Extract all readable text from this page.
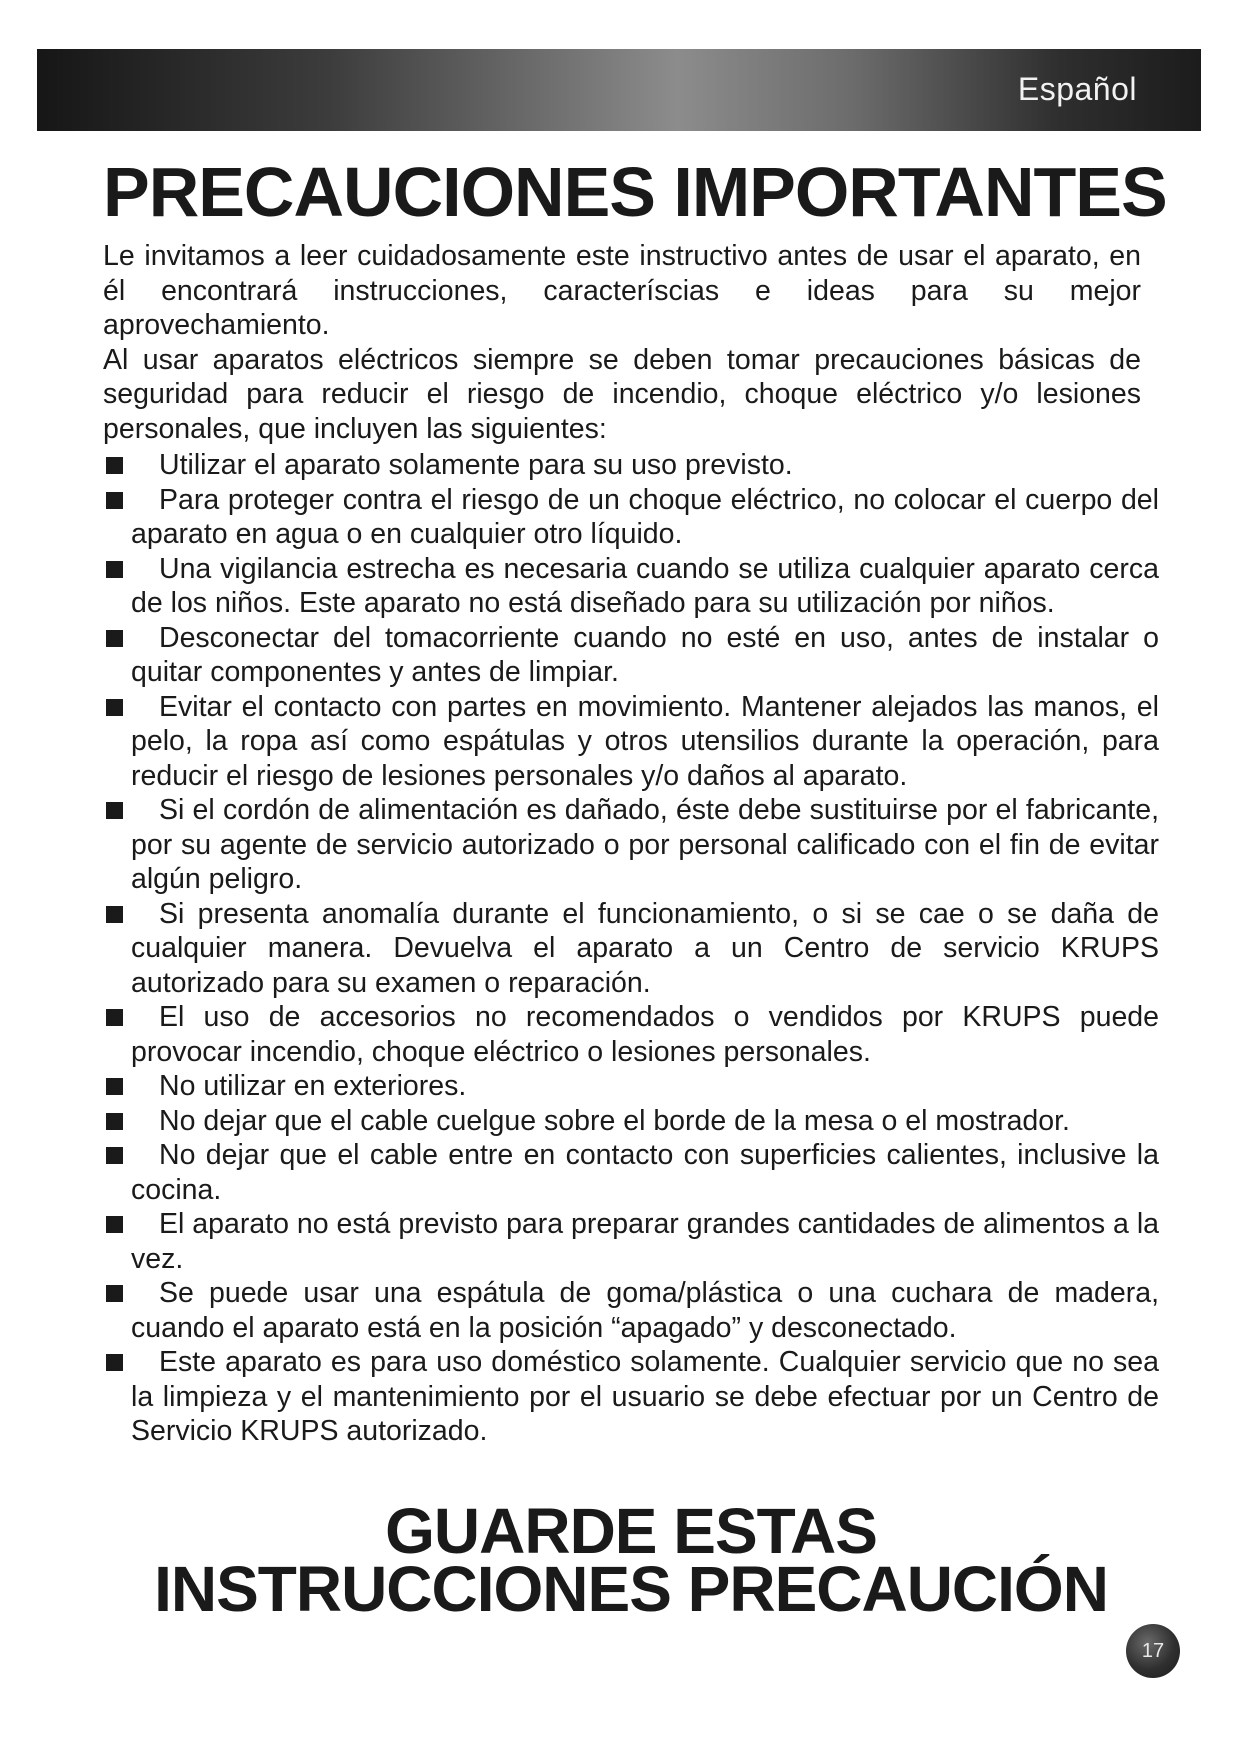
Español
PRECAUCIONES IMPORTANTES

Le invitamos a leer cuidadosamente este instructivo antes de usar el aparato, en él encontrará instrucciones, caracteríscias e ideas para su mejor aprovechamiento.

Al usar aparatos eléctricos siempre se deben tomar precauciones básicas de seguridad para reducir el riesgo de incendio, choque eléctrico y/o lesiones personales, que incluyen las siguientes:

Utilizar el aparato solamente para su uso previsto.
Para proteger contra el riesgo de un choque eléctrico, no colocar el cuerpo del aparato en agua o en cualquier otro líquido.
Una vigilancia estrecha es necesaria cuando se utiliza cualquier aparato cerca de los niños. Este aparato no está diseñado para su utilización por niños.
Desconectar del tomacorriente cuando no esté en uso, antes de instalar o quitar componentes y antes de limpiar.
Evitar el contacto con partes en movimiento. Mantener alejados las manos, el pelo, la ropa así como espátulas y otros utensilios durante la operación, para reducir el riesgo de lesiones personales y/o daños al aparato.
Si el cordón de alimentación es dañado, éste debe sustituirse por el fabricante, por su agente de servicio autorizado o por personal calificado con el fin de evitar algún peligro.
Si presenta anomalía durante el funcionamiento, o si se cae o se daña de cualquier manera. Devuelva el aparato a un Centro de servicio KRUPS autorizado para su examen o reparación.
El uso de accesorios no recomendados o vendidos por KRUPS puede provocar incendio, choque eléctrico o lesiones personales.
No utilizar en exteriores.
No dejar que el cable cuelgue sobre el borde de la mesa o el mostrador.
No dejar que el cable entre en contacto con superficies calientes, inclusive la cocina.
El aparato no está previsto para preparar grandes cantidades de alimentos a la vez.
Se puede usar una espátula de goma/plástica o una cuchara de madera, cuando el aparato está en la posición “apagado” y desconectado.
Este aparato es para uso doméstico solamente. Cualquier servicio que no sea la limpieza y el mantenimiento por el usuario se debe efectuar por un Centro de Servicio KRUPS autorizado.
GUARDE ESTAS
INSTRUCCIONES PRECAUCIÓN
17
